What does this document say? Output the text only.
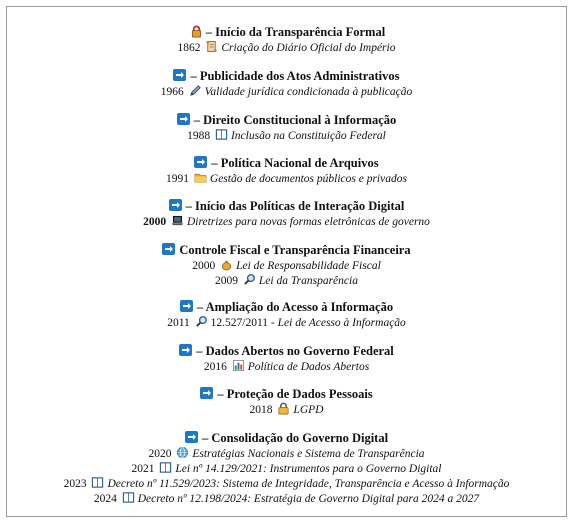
– Início da Transparência Formal
1862 Criação do Diário Oficial do Império
– Publicidade dos Atos Administrativos
1966 Validade jurídica condicionada à publicação
– Direito Constitucional à Informação
1988 Inclusão na Constituição Federal
– Política Nacional de Arquivos
1991 Gestão de documentos públicos e privados
– Início das Políticas de Interação Digital
2000 Diretrizes para novas formas eletrônicas de governo
Controle Fiscal e Transparência Financeira
2000 Lei de Responsabilidade Fiscal
2009 Lei da Transparência
– Ampliação do Acesso à Informação
2011 12.527/2011 - Lei de Acesso à Informação
– Dados Abertos no Governo Federal
2016 Política de Dados Abertos
– Proteção de Dados Pessoais
2018 LGPD
– Consolidação do Governo Digital
2020 Estratégias Nacionais e Sistema de Transparência
2021 Lei nº 14.129/2021: Instrumentos para o Governo Digital
2023 Decreto nº 11.529/2023: Sistema de Integridade, Transparência e Acesso à Informação
2024 Decreto nº 12.198/2024: Estratégia de Governo Digital para 2024 a 2027
